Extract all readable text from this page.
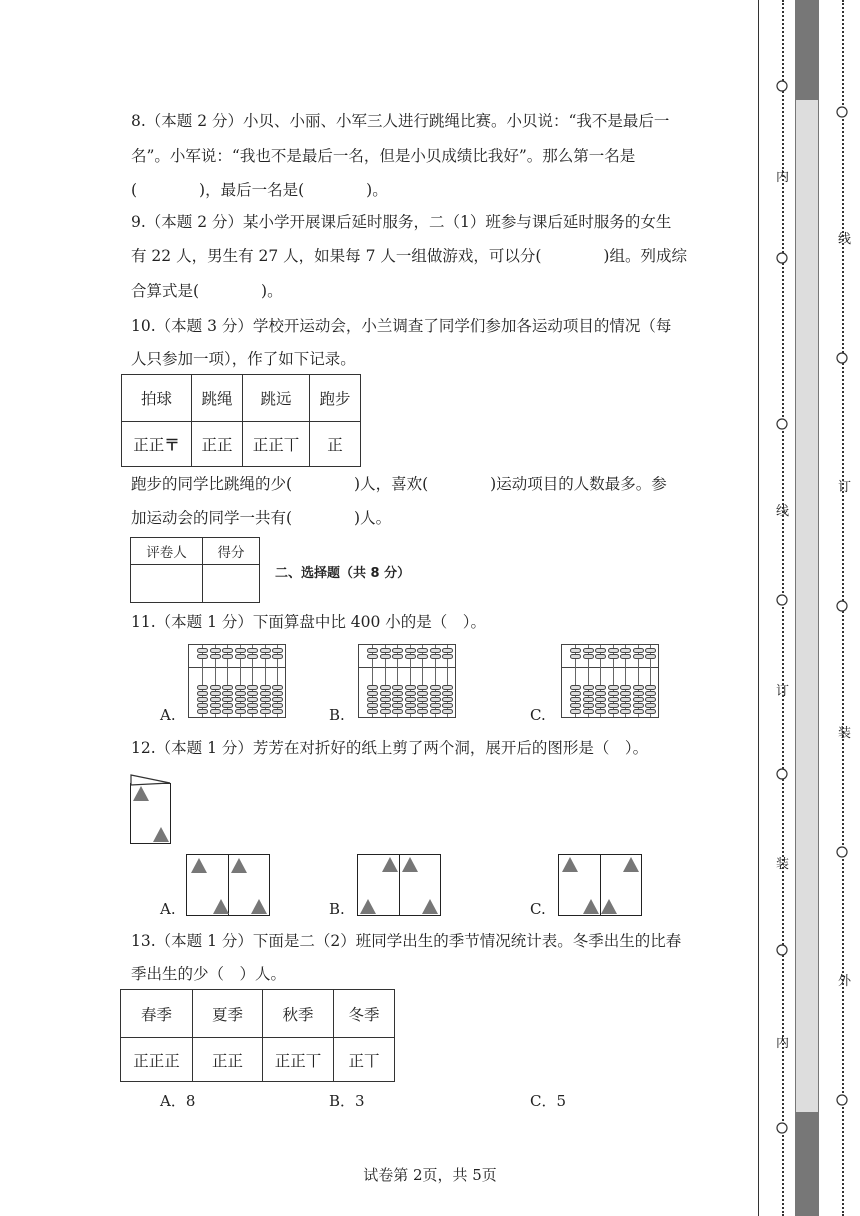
8.（本题 2 分）小贝、小丽、小军三人进行跳绳比赛。小贝说：“我不是最后一
名”。小军说：“我也不是最后一名，但是小贝成绩比我好”。那么第一名是
(　　　　)，最后一名是(　　　　)。
9.（本题 2 分）某小学开展课后延时服务，二（1）班参与课后延时服务的女生
有 22 人，男生有 27 人，如果每 7 人一组做游戏，可以分(　　　　)组。列成综
合算式是(　　　　)。
10.（本题 3 分）学校开运动会，小兰调查了同学们参加各运动项目的情况（每
人只参加一项），作了如下记录。
拍球	跳绳	跳远	跑步
正正〒	正正	正正丅	正
跑步的同学比跳绳的少(　　　　)人，喜欢(　　　　)运动项目的人数最多。参
加运动会的同学一共有(　　　　)人。
评卷人	得分

二、选择题（共 8 分）
11.（本题 1 分）下面算盘中比 400 小的是（　）。
A.	B.	C.
12.（本题 1 分）芳芳在对折好的纸上剪了两个洞，展开后的图形是（　）。
A.	B.	C.
13.（本题 1 分）下面是二（2）班同学出生的季节情况统计表。冬季出生的比春
季出生的少（　）人。
春季	夏季	秋季	冬季
正正正	正正	正正丅	正丅
A．8	B．3	C．5
内
线
订
装
内
线
订
装
外
试卷第 2页，共 5页
